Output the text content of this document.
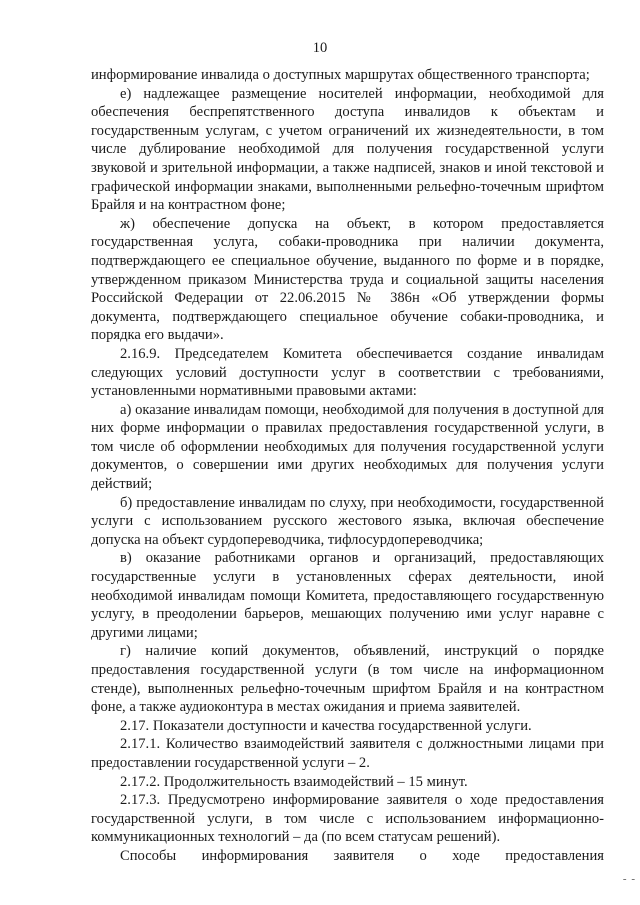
10

информирование инвалида о доступных маршрутах общественного транспорта;

е) надлежащее размещение носителей информации, необходимой для обеспечения беспрепятственного доступа инвалидов к объектам и государственным услугам, с учетом ограничений их жизнедеятельности, в том числе дублирование необходимой для получения государственной услуги звуковой и зрительной информации, а также надписей, знаков и иной текстовой и графической информации знаками, выполненными рельефно-точечным шрифтом Брайля и на контрастном фоне;

ж) обеспечение допуска на объект, в котором предоставляется государственная услуга, собаки-проводника при наличии документа, подтверждающего ее специальное обучение, выданного по форме и в порядке, утвержденном приказом Министерства труда и социальной защиты населения Российской Федерации от 22.06.2015 № 386н «Об утверждении формы документа, подтверждающего специальное обучение собаки-проводника, и порядка его выдачи».

2.16.9. Председателем Комитета обеспечивается создание инвалидам следующих условий доступности услуг в соответствии с требованиями, установленными нормативными правовыми актами:

а) оказание инвалидам помощи, необходимой для получения в доступной для них форме информации о правилах предоставления государственной услуги, в том числе об оформлении необходимых для получения государственной услуги документов, о совершении ими других необходимых для получения услуги действий;

б) предоставление инвалидам по слуху, при необходимости, государственной услуги с использованием русского жестового языка, включая обеспечение допуска на объект сурдопереводчика, тифлосурдопереводчика;

в) оказание работниками органов и организаций, предоставляющих государственные услуги в установленных сферах деятельности, иной необходимой инвалидам помощи Комитета, предоставляющего государственную услугу, в преодолении барьеров, мешающих получению ими услуг наравне с другими лицами;

г) наличие копий документов, объявлений, инструкций о порядке предоставления государственной услуги (в том числе на информационном стенде), выполненных рельефно-точечным шрифтом Брайля и на контрастном фоне, а также аудиоконтура в местах ожидания и приема заявителей.

2.17. Показатели доступности и качества государственной услуги.

2.17.1. Количество взаимодействий заявителя с должностными лицами при предоставлении государственной услуги – 2.

2.17.2. Продолжительность взаимодействий – 15 минут.

2.17.3. Предусмотрено информирование заявителя о ходе предоставления государственной услуги, в том числе с использованием информационно-коммуникационных технологий – да (по всем статусам решений).

Способы информирования заявителя о ходе предоставления

- -
